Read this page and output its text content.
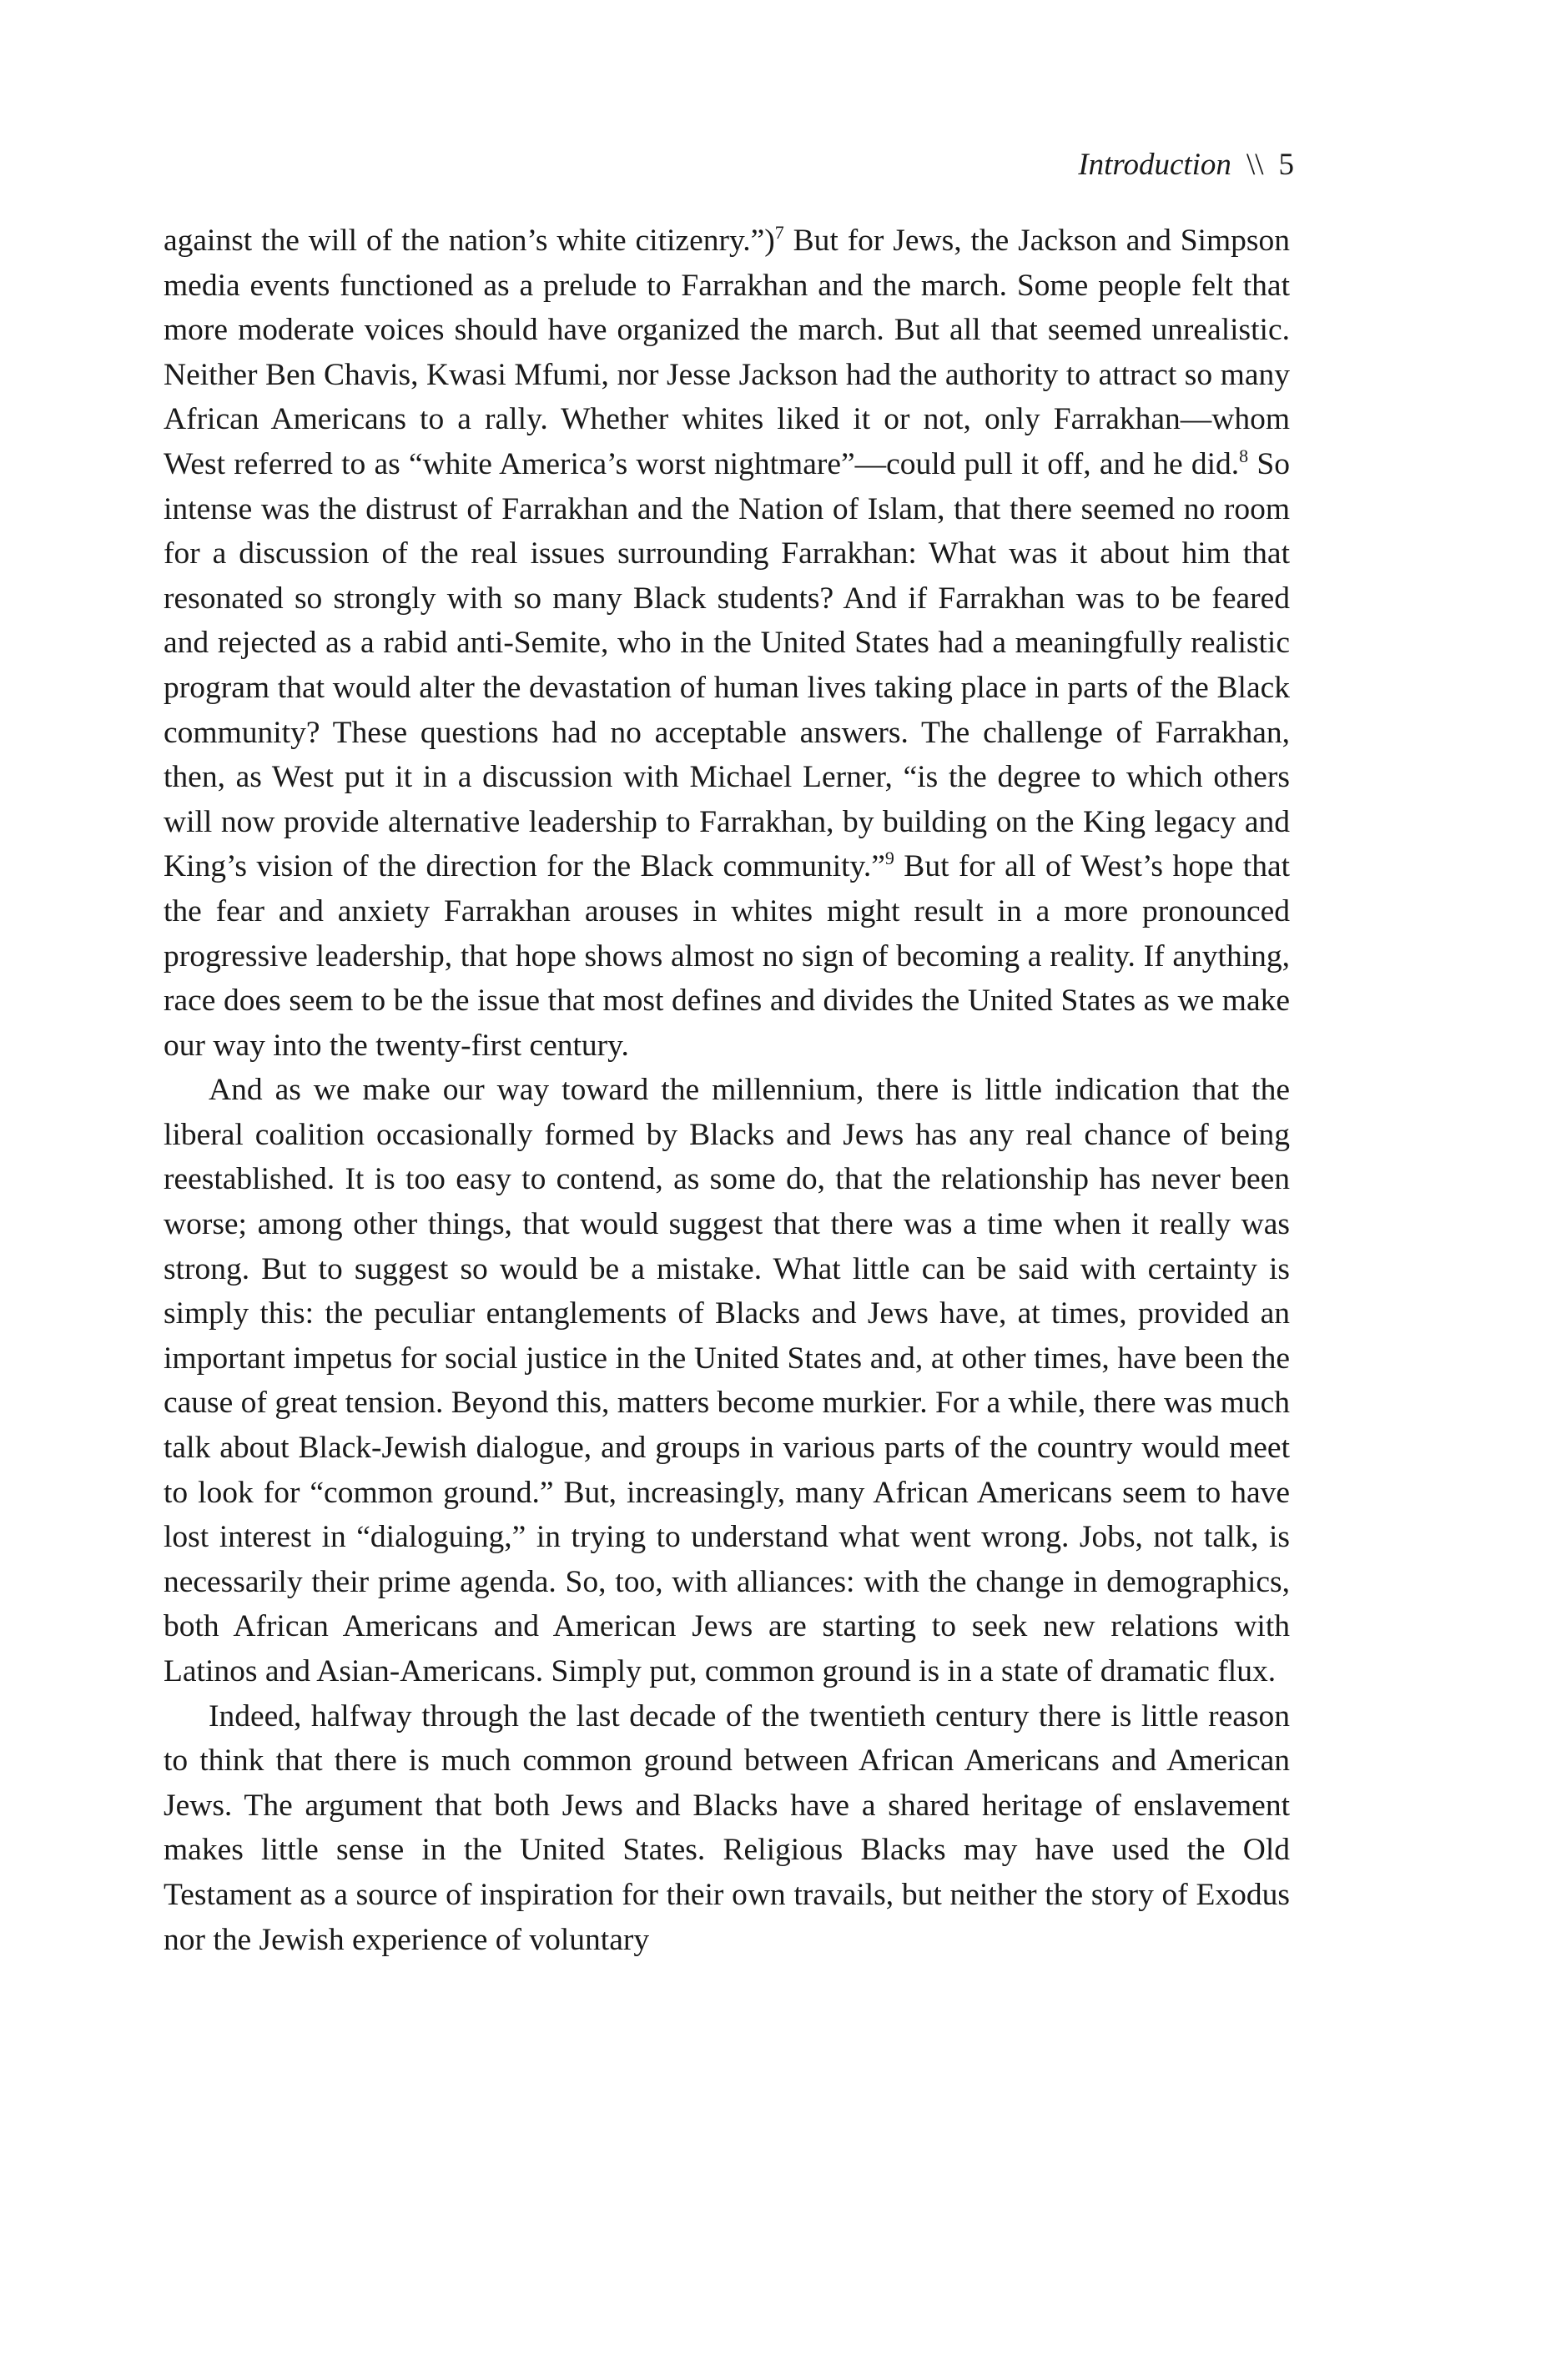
Introduction \\ 5

against the will of the nation’s white citizenry.”)$^7$ But for Jews, the Jackson and Simpson media events functioned as a prelude to Farrakhan and the march. Some people felt that more moderate voices should have organized the march. But all that seemed unrealistic. Neither Ben Chavis, Kwasi Mfumi, nor Jesse Jackson had the authority to attract so many African Americans to a rally. Whether whites liked it or not, only Farrakhan—whom West referred to as “white America’s worst nightmare”—could pull it off, and he did.$^8$ So intense was the distrust of Farrakhan and the Nation of Islam, that there seemed no room for a discussion of the real issues surrounding Farrakhan: What was it about him that resonated so strongly with so many Black students? And if Farrakhan was to be feared and rejected as a rabid anti-Semite, who in the United States had a meaningfully realistic program that would alter the devastation of human lives taking place in parts of the Black community? These questions had no acceptable answers. The challenge of Farrakhan, then, as West put it in a discussion with Michael Lerner, “is the degree to which others will now provide alternative leadership to Farrakhan, by building on the King legacy and King’s vision of the direction for the Black community.”$^9$ But for all of West’s hope that the fear and anxiety Farrakhan arouses in whites might result in a more pronounced progressive leadership, that hope shows almost no sign of becoming a reality. If anything, race does seem to be the issue that most defines and divides the United States as we make our way into the twenty-first century.

And as we make our way toward the millennium, there is little indication that the liberal coalition occasionally formed by Blacks and Jews has any real chance of being reestablished. It is too easy to contend, as some do, that the relationship has never been worse; among other things, that would suggest that there was a time when it really was strong. But to suggest so would be a mistake. What little can be said with certainty is simply this: the peculiar entanglements of Blacks and Jews have, at times, provided an important impetus for social justice in the United States and, at other times, have been the cause of great tension. Beyond this, matters become murkier. For a while, there was much talk about Black-Jewish dialogue, and groups in various parts of the country would meet to look for “common ground.” But, increasingly, many African Americans seem to have lost interest in “dialoguing,” in trying to understand what went wrong. Jobs, not talk, is necessarily their prime agenda. So, too, with alliances: with the change in demographics, both African Americans and American Jews are starting to seek new relations with Latinos and Asian-Americans. Simply put, common ground is in a state of dramatic flux.

Indeed, halfway through the last decade of the twentieth century there is little reason to think that there is much common ground between African Americans and American Jews. The argument that both Jews and Blacks have a shared heritage of enslavement makes little sense in the United States. Religious Blacks may have used the Old Testament as a source of inspiration for their own travails, but neither the story of Exodus nor the Jewish experience of voluntary
